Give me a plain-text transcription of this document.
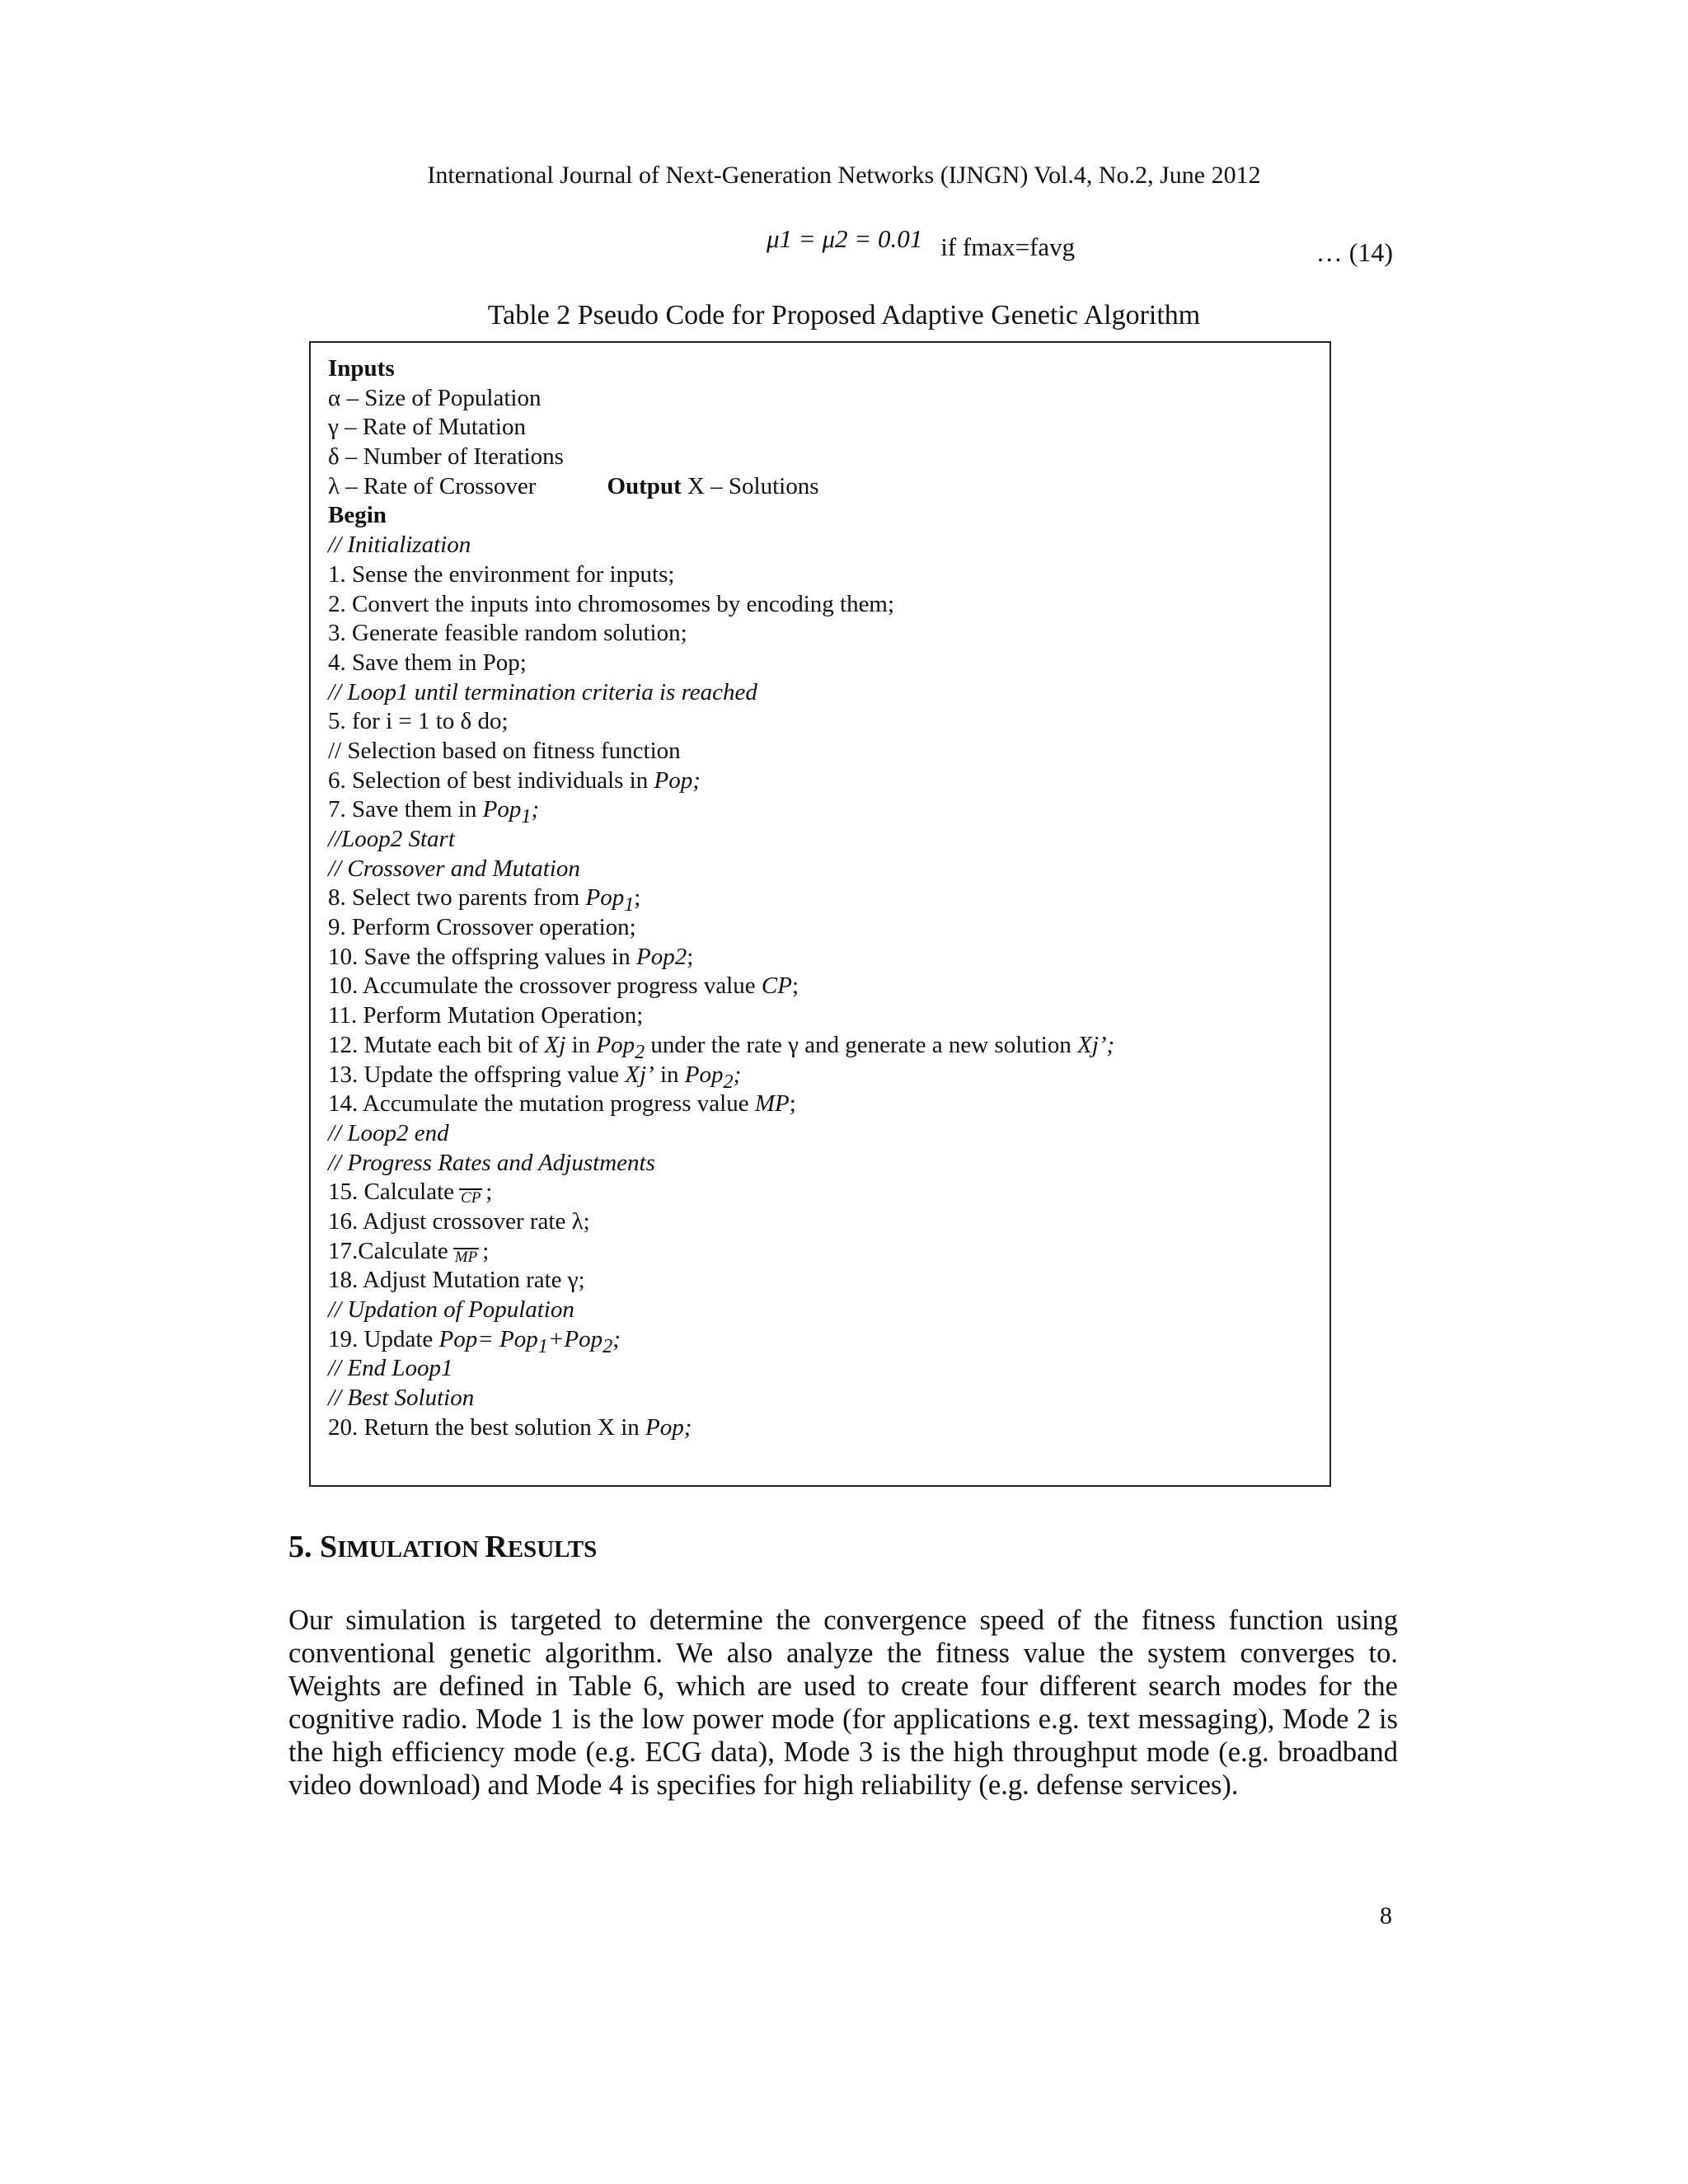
International Journal of Next-Generation Networks (IJNGN) Vol.4, No.2, June 2012
μ1 = μ2 = 0.01 if fmax=favg	… (14)
Table 2 Pseudo Code for Proposed Adaptive Genetic Algorithm
Inputs
α – Size of Population
γ – Rate of Mutation
δ – Number of Iterations
λ – Rate of Crossover	Output X – Solutions
Begin
// Initialization
1. Sense the environment for inputs;
2. Convert the inputs into chromosomes by encoding them;
3. Generate feasible random solution;
4. Save them in Pop;
// Loop1 until termination criteria is reached
5. for i = 1 to δ do;
// Selection based on fitness function
6. Selection of best individuals in Pop;
7. Save them in Pop$_1$;
//Loop2 Start
// Crossover and Mutation
8. Select two parents from Pop$_1$;
9. Perform Crossover operation;
10. Save the offspring values in Pop2;
10. Accumulate the crossover progress value CP;
11. Perform Mutation Operation;
12. Mutate each bit of Xj in Pop$_2$ under the rate γ and generate a new solution Xj’;
13. Update the offspring value Xj’ in Pop$_2$;
14. Accumulate the mutation progress value MP;
// Loop2 end
// Progress Rates and Adjustments
15. Calculate CP ;
16. Adjust crossover rate λ;
17.Calculate MP ;
18. Adjust Mutation rate γ;
// Updation of Population
19. Update Pop= Pop$_1$+Pop$_2$;
// End Loop1
// Best Solution
20. Return the best solution X in Pop;
5. SIMULATION RESULTS
Our simulation is targeted to determine the convergence speed of the fitness function using conventional genetic algorithm. We also analyze the fitness value the system converges to. Weights are defined in Table 6, which are used to create four different search modes for the cognitive radio. Mode 1 is the low power mode (for applications e.g. text messaging), Mode 2 is the high efficiency mode (e.g. ECG data), Mode 3 is the high throughput mode (e.g. broadband video download) and Mode 4 is specifies for high reliability (e.g. defense services).
8
